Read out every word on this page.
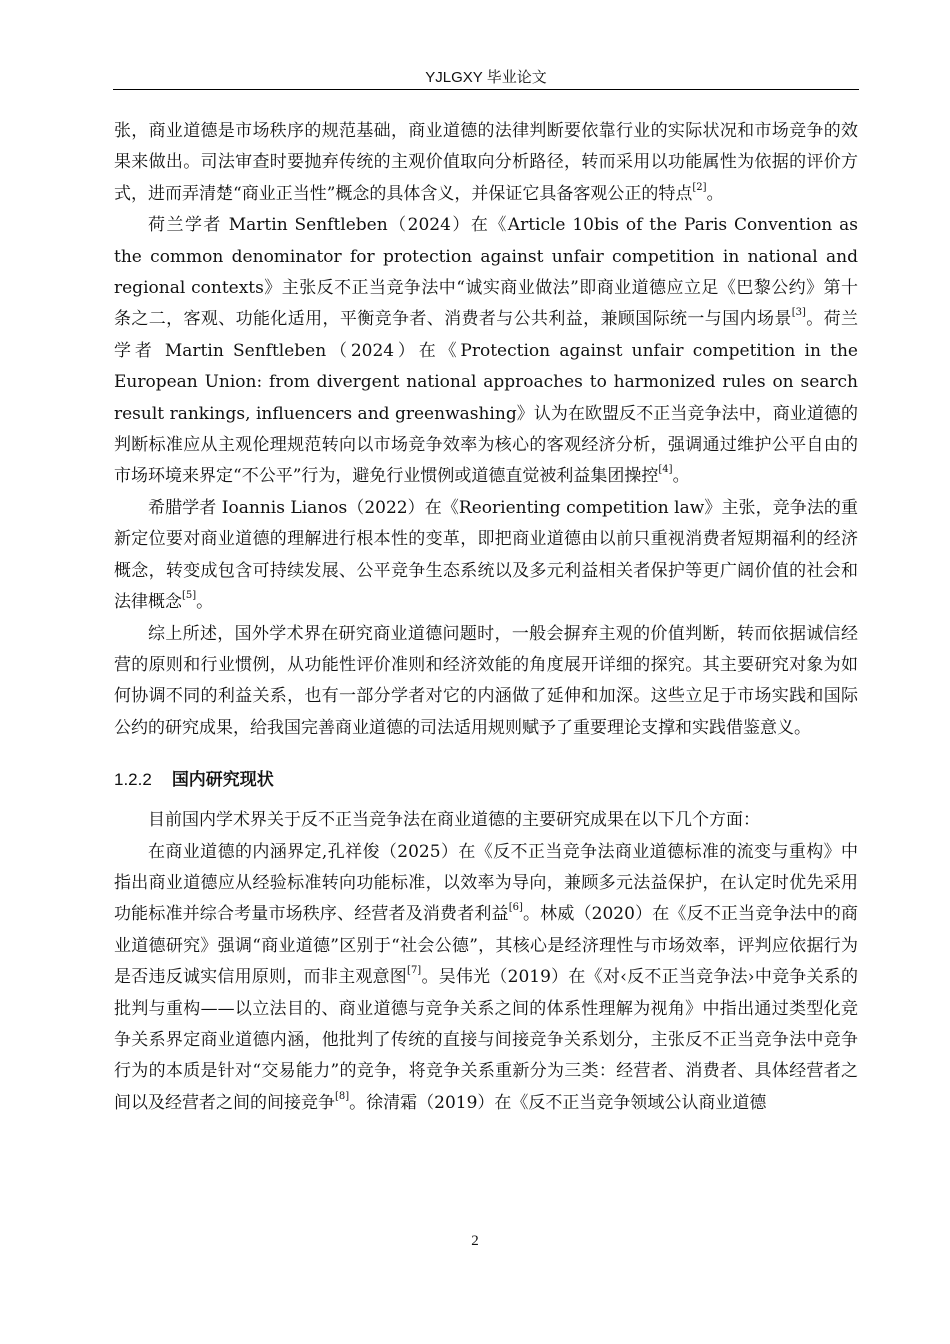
YJLGXY 毕业论文

张，商业道德是市场秩序的规范基础，商业道德的法律判断要依靠行业的实际状况和市场竞争的效果来做出。司法审查时要抛弃传统的主观价值取向分析路径，转而采用以功能属性为依据的评价方式，进而弄清楚“商业正当性”概念的具体含义，并保证它具备客观公正的特点[2]。

荷兰学者 Martin Senftleben（2024）在《Article 10bis of the Paris Convention as the common denominator for protection against unfair competition in national and regional contexts》主张反不正当竞争法中“诚实商业做法”即商业道德应立足《巴黎公约》第十条之二，客观、功能化适用，平衡竞争者、消费者与公共利益，兼顾国际统一与国内场景[3]。荷兰学者 Martin Senftleben（2024）在《Protection against unfair competition in the European Union: from divergent national approaches to harmonized rules on search result rankings, influencers and greenwashing》认为在欧盟反不正当竞争法中，商业道德的判断标准应从主观伦理规范转向以市场竞争效率为核心的客观经济分析，强调通过维护公平自由的市场环境来界定“不公平”行为，避免行业惯例或道德直觉被利益集团操控[4]。

希腊学者 Ioannis Lianos（2022）在《Reorienting competition law》主张，竞争法的重新定位要对商业道德的理解进行根本性的变革，即把商业道德由以前只重视消费者短期福利的经济概念，转变成包含可持续发展、公平竞争生态系统以及多元利益相关者保护等更广阔价值的社会和法律概念[5]。

综上所述，国外学术界在研究商业道德问题时，一般会摒弃主观的价值判断，转而依据诚信经营的原则和行业惯例，从功能性评价准则和经济效能的角度展开详细的探究。其主要研究对象为如何协调不同的利益关系，也有一部分学者对它的内涵做了延伸和加深。这些立足于市场实践和国际公约的研究成果，给我国完善商业道德的司法适用规则赋予了重要理论支撑和实践借鉴意义。

1.2.2 国内研究现状

目前国内学术界关于反不正当竞争法在商业道德的主要研究成果在以下几个方面：

在商业道德的内涵界定,孔祥俊（2025）在《反不正当竞争法商业道德标准的流变与重构》中指出商业道德应从经验标准转向功能标准，以效率为导向，兼顾多元法益保护，在认定时优先采用功能标准并综合考量市场秩序、经营者及消费者利益[6]。林威（2020）在《反不正当竞争法中的商业道德研究》强调“商业道德”区别于“社会公德”，其核心是经济理性与市场效率，评判应依据行为是否违反诚实信用原则，而非主观意图[7]。吴伟光（2019）在《对‹反不正当竞争法›中竞争关系的批判与重构——以立法目的、商业道德与竞争关系之间的体系性理解为视角》中指出通过类型化竞争关系界定商业道德内涵，他批判了传统的直接与间接竞争关系划分，主张反不正当竞争法中竞争行为的本质是针对“交易能力”的竞争，将竞争关系重新分为三类：经营者、消费者、具体经营者之间以及经营者之间的间接竞争[8]。徐清霜（2019）在《反不正当竞争领域公认商业道德

2
